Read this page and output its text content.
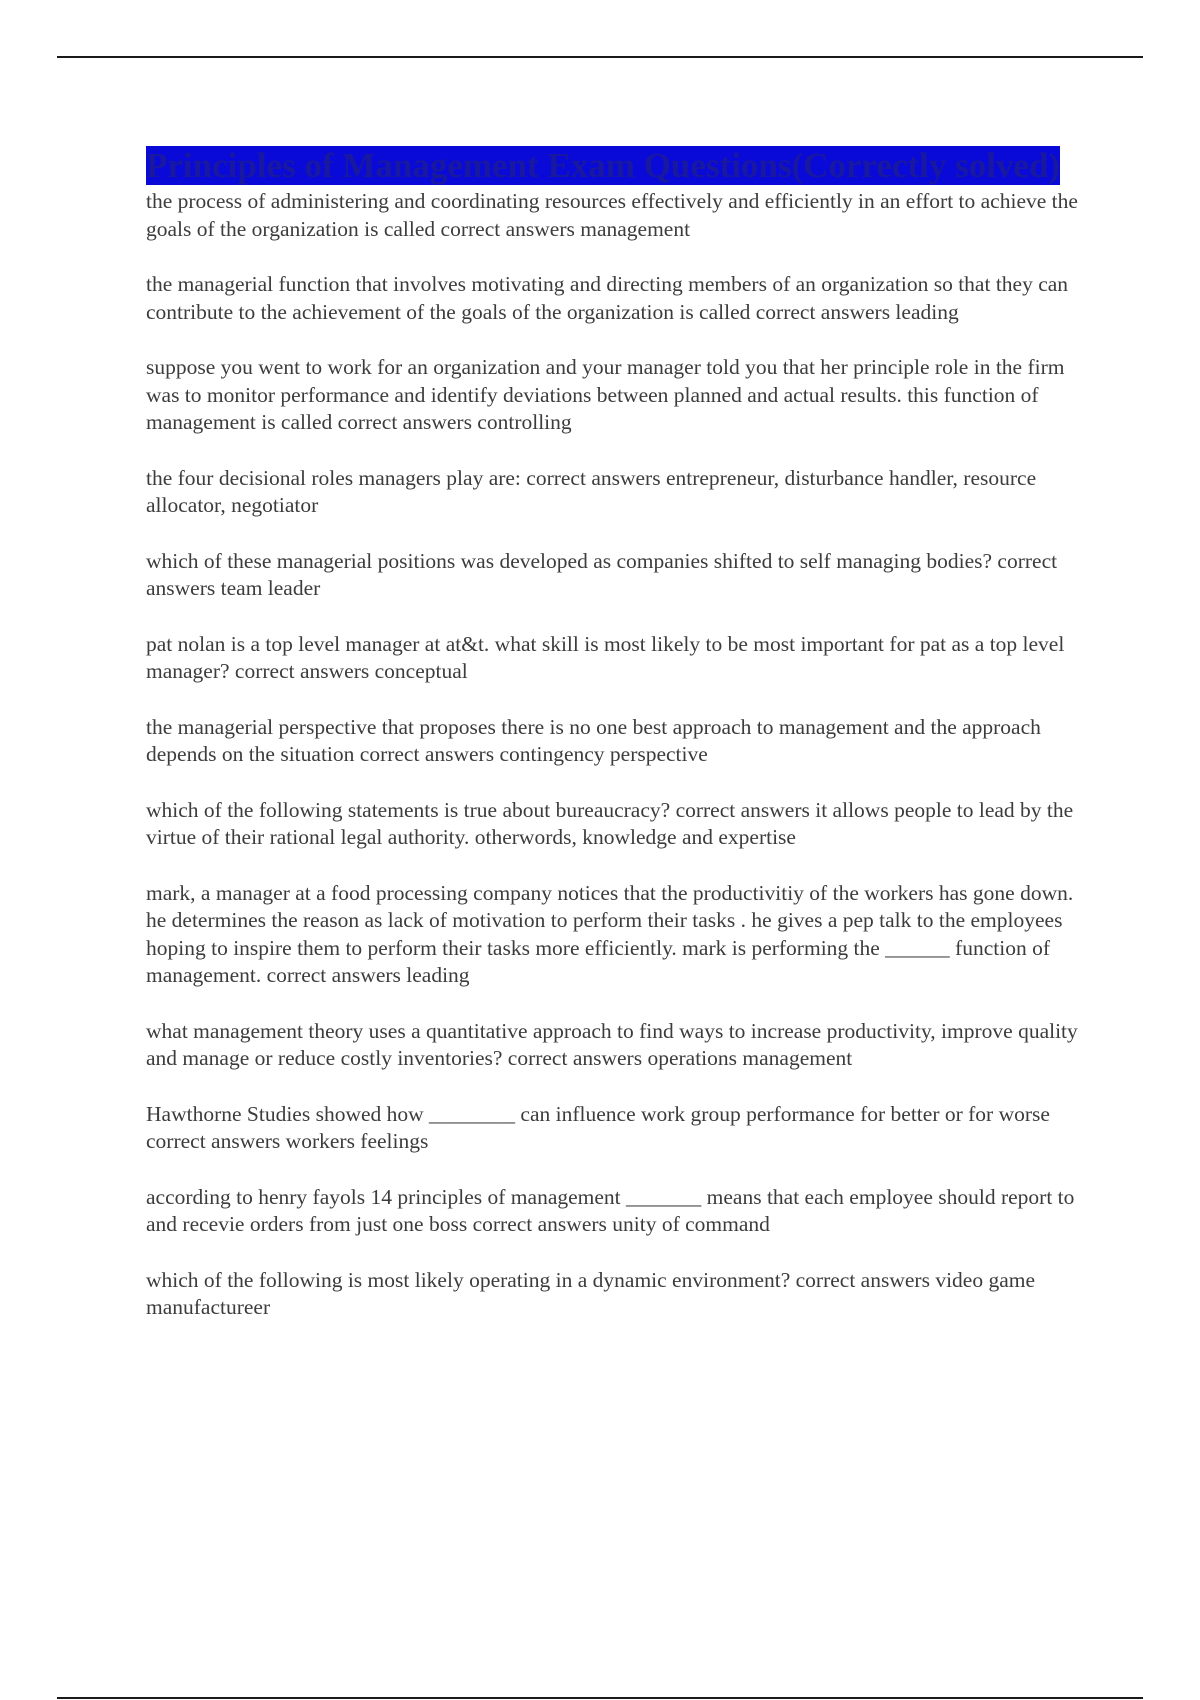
Principles of Management Exam Questions(Correctly solved)

the process of administering and coordinating resources effectively and efficiently in an effort to achieve the goals of the organization is called correct answers management

the managerial function that involves motivating and directing members of an organization so that they can contribute to the achievement of the goals of the organization is called correct answers leading

suppose you went to work for an organization and your manager told you that her principle role in the firm was to monitor performance and identify deviations between planned and actual results. this function of management is called correct answers controlling

the four decisional roles managers play are: correct answers entrepreneur, disturbance handler, resource allocator, negotiator

which of these managerial positions was developed as companies shifted to self managing bodies? correct answers team leader

pat nolan is a top level manager at at&t. what skill is most likely to be most important for pat as a top level manager? correct answers conceptual

the managerial perspective that proposes there is no one best approach to management and the approach depends on the situation correct answers contingency perspective

which of the following statements is true about bureaucracy? correct answers it allows people to lead by the virtue of their rational legal authority. otherwords, knowledge and expertise

mark, a manager at a food processing company notices that the productivitiy of the workers has gone down. he determines the reason as lack of motivation to perform their tasks . he gives a pep talk to the employees hoping to inspire them to perform their tasks more efficiently. mark is performing the ______ function of management. correct answers leading

what management theory uses a quantitative approach to find ways to increase productivity, improve quality and manage or reduce costly inventories? correct answers operations management

Hawthorne Studies showed how ________ can influence work group performance for better or for worse correct answers workers feelings

according to henry fayols 14 principles of management _______ means that each employee should report to and recevie orders from just one boss correct answers unity of command

which of the following is most likely operating in a dynamic environment? correct answers video game manufactureer
